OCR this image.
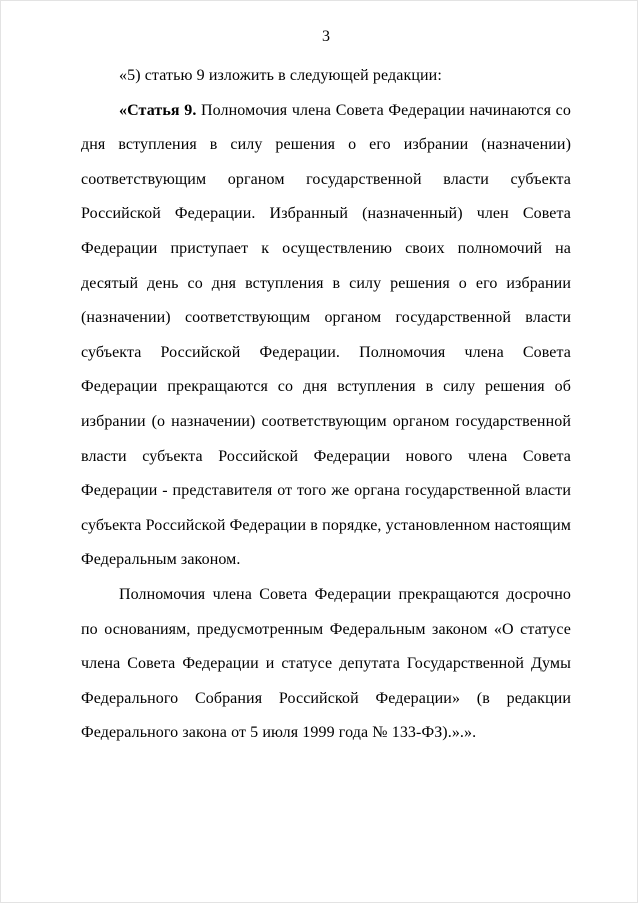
3

«5) статью 9 изложить в следующей редакции:

«Статья 9. Полномочия члена Совета Федерации начинаются со дня вступления в силу решения о его избрании (назначении) соответствующим органом государственной власти субъекта Российской Федерации. Избранный (назначенный) член Совета Федерации приступает к осуществлению своих полномочий на десятый день со дня вступления в силу решения о его избрании (назначении) соответствующим органом государственной власти субъекта Российской Федерации. Полномочия члена Совета Федерации прекращаются со дня вступления в силу решения об избрании (о назначении) соответствующим органом государственной власти субъекта Российской Федерации нового члена Совета Федерации - представителя от того же органа государственной власти субъекта Российской Федерации в порядке, установленном настоящим Федеральным законом.

Полномочия члена Совета Федерации прекращаются досрочно по основаниям, предусмотренным Федеральным законом «О статусе члена Совета Федерации и статусе депутата Государственной Думы Федерального Собрания Российской Федерации» (в редакции Федерального закона от 5 июля 1999 года № 133-ФЗ).».».
